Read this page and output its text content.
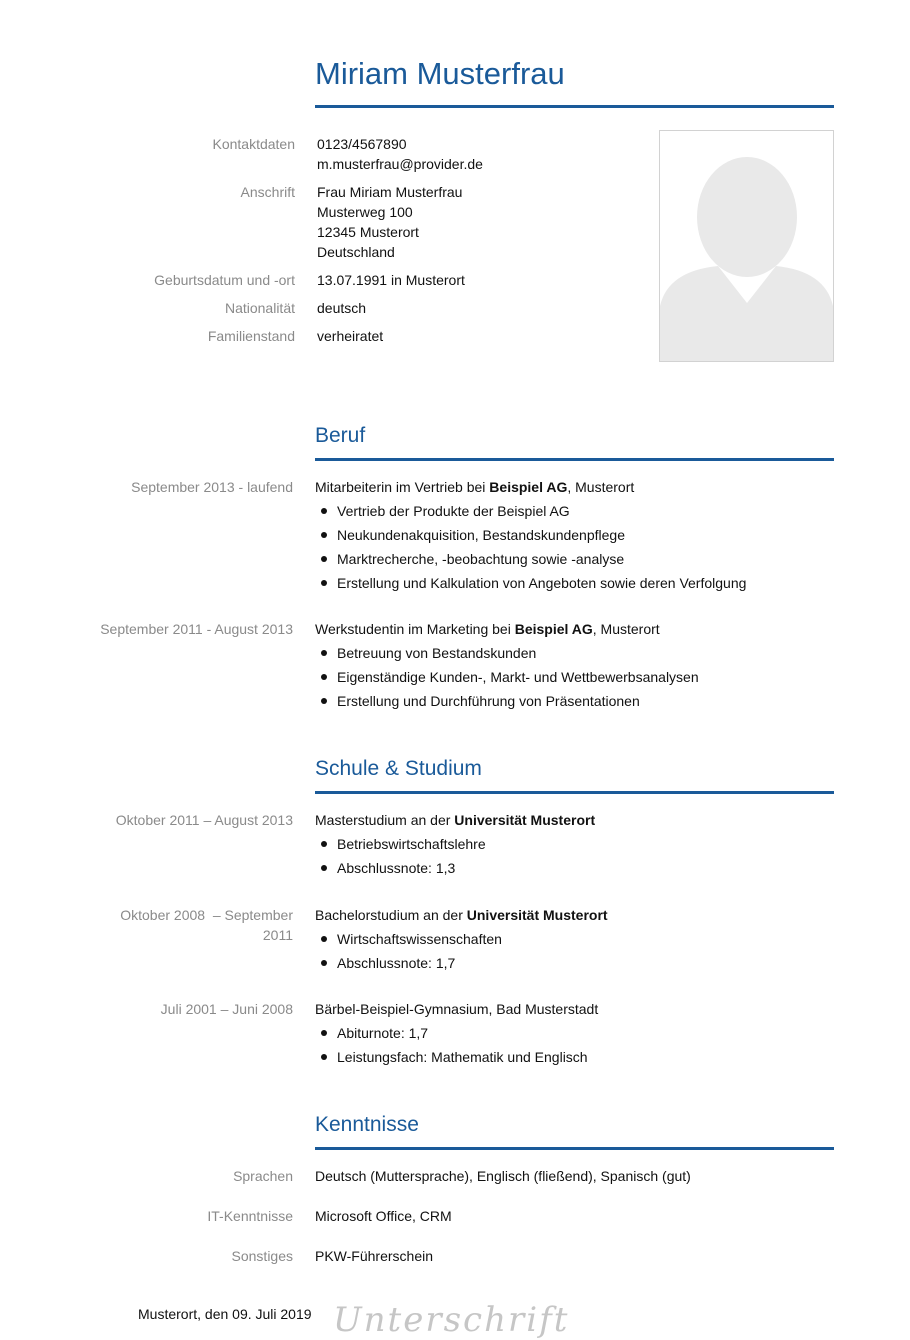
Miriam Musterfrau
Kontaktdaten 0123/4567890
m.musterfrau@provider.de
Anschrift Frau Miriam Musterfrau
Musterweg 100
12345 Musterort
Deutschland
Geburtsdatum und -ort 13.07.1991 in Musterort
Nationalität deutsch
Familienstand verheiratet
Beruf
September 2013 - laufend Mitarbeiterin im Vertrieb bei Beispiel AG, Musterort
Vertrieb der Produkte der Beispiel AG
Neukundenakquisition, Bestandskundenpflege
Marktrecherche, -beobachtung sowie -analyse
Erstellung und Kalkulation von Angeboten sowie deren Verfolgung
September 2011 - August 2013 Werkstudentin im Marketing bei Beispiel AG, Musterort
Betreuung von Bestandskunden
Eigenständige Kunden-, Markt- und Wettbewerbsanalysen
Erstellung und Durchführung von Präsentationen
Schule & Studium
Oktober 2011 – August 2013 Masterstudium an der Universität Musterort
Betriebswirtschaftslehre
Abschlussnote: 1,3
Oktober 2008  – September
2011
Bachelorstudium an der Universität Musterort
Wirtschaftswissenschaften
Abschlussnote: 1,7
Juli 2001 – Juni 2008 Bärbel-Beispiel-Gymnasium, Bad Musterstadt
Abiturnote: 1,7
Leistungsfach: Mathematik und Englisch
Kenntnisse
Sprachen Deutsch (Muttersprache), Englisch (fließend), Spanisch (gut)
IT-Kenntnisse Microsoft Office, CRM
Sonstiges PKW-Führerschein
Musterort, den 09. Juli 2019 Unterschrift
